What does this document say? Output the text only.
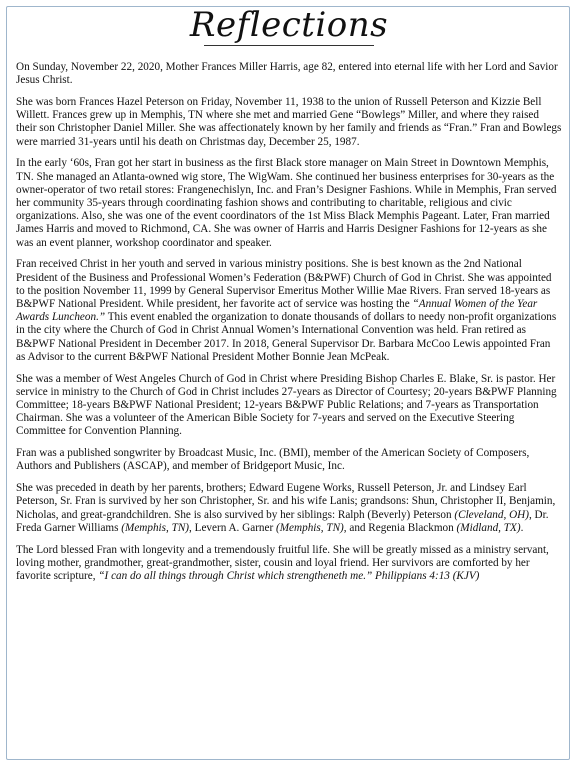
Reflections

On Sunday, November 22, 2020, Mother Frances Miller Harris, age 82, entered into eternal life with her Lord and Savior Jesus Christ.

She was born Frances Hazel Peterson on Friday, November 11, 1938 to the union of Russell Peterson and Kizzie Bell Willett. Frances grew up in Memphis, TN where she met and married Gene “Bowlegs” Miller, and where they raised their son Christopher Daniel Miller. She was affectionately known by her family and friends as “Fran.” Fran and Bowlegs were married 31-years until his death on Christmas day, December 25, 1987.

In the early ‘60s, Fran got her start in business as the first Black store manager on Main Street in Downtown Memphis, TN. She managed an Atlanta-owned wig store, The WigWam. She continued her business enterprises for 30-years as the owner-operator of two retail stores: Frangenechislyn, Inc. and Fran’s Designer Fashions. While in Memphis, Fran served her community 35-years through coordinating fashion shows and contributing to charitable, religious and civic organizations. Also, she was one of the event coordinators of the 1st Miss Black Memphis Pageant. Later, Fran married James Harris and moved to Richmond, CA. She was owner of Harris and Harris Designer Fashions for 12-years as she was an event planner, workshop coordinator and speaker.

Fran received Christ in her youth and served in various ministry positions. She is best known as the 2nd National President of the Business and Professional Women’s Federation (B&PWF) Church of God in Christ. She was appointed to the position November 11, 1999 by General Supervisor Emeritus Mother Willie Mae Rivers. Fran served 18-years as B&PWF National President. While president, her favorite act of service was hosting the “Annual Women of the Year Awards Luncheon.” This event enabled the organization to donate thousands of dollars to needy non-profit organizations in the city where the Church of God in Christ Annual Women’s International Convention was held. Fran retired as B&PWF National President in December 2017. In 2018, General Supervisor Dr. Barbara McCoo Lewis appointed Fran as Advisor to the current B&PWF National President Mother Bonnie Jean McPeak.

She was a member of West Angeles Church of God in Christ where Presiding Bishop Charles E. Blake, Sr. is pastor. Her service in ministry to the Church of God in Christ includes 27-years as Director of Courtesy; 20-years B&PWF Planning Committee; 18-years B&PWF National President; 12-years B&PWF Public Relations; and 7-years as Transportation Chairman. She was a volunteer of the American Bible Society for 7-years and served on the Executive Steering Committee for Convention Planning.

Fran was a published songwriter by Broadcast Music, Inc. (BMI), member of the American Society of Composers, Authors and Publishers (ASCAP), and member of Bridgeport Music, Inc.

She was preceded in death by her parents, brothers; Edward Eugene Works, Russell Peterson, Jr. and Lindsey Earl Peterson, Sr. Fran is survived by her son Christopher, Sr. and his wife Lanis; grandsons: Shun, Christopher II, Benjamin, Nicholas, and great-grandchildren. She is also survived by her siblings: Ralph (Beverly) Peterson (Cleveland, OH), Dr. Freda Garner Williams (Memphis, TN), Levern A. Garner (Memphis, TN), and Regenia Blackmon (Midland, TX).

The Lord blessed Fran with longevity and a tremendously fruitful life. She will be greatly missed as a ministry servant, loving mother, grandmother, great-grandmother, sister, cousin and loyal friend. Her survivors are comforted by her favorite scripture, “I can do all things through Christ which strengtheneth me.” Philippians 4:13 (KJV)
